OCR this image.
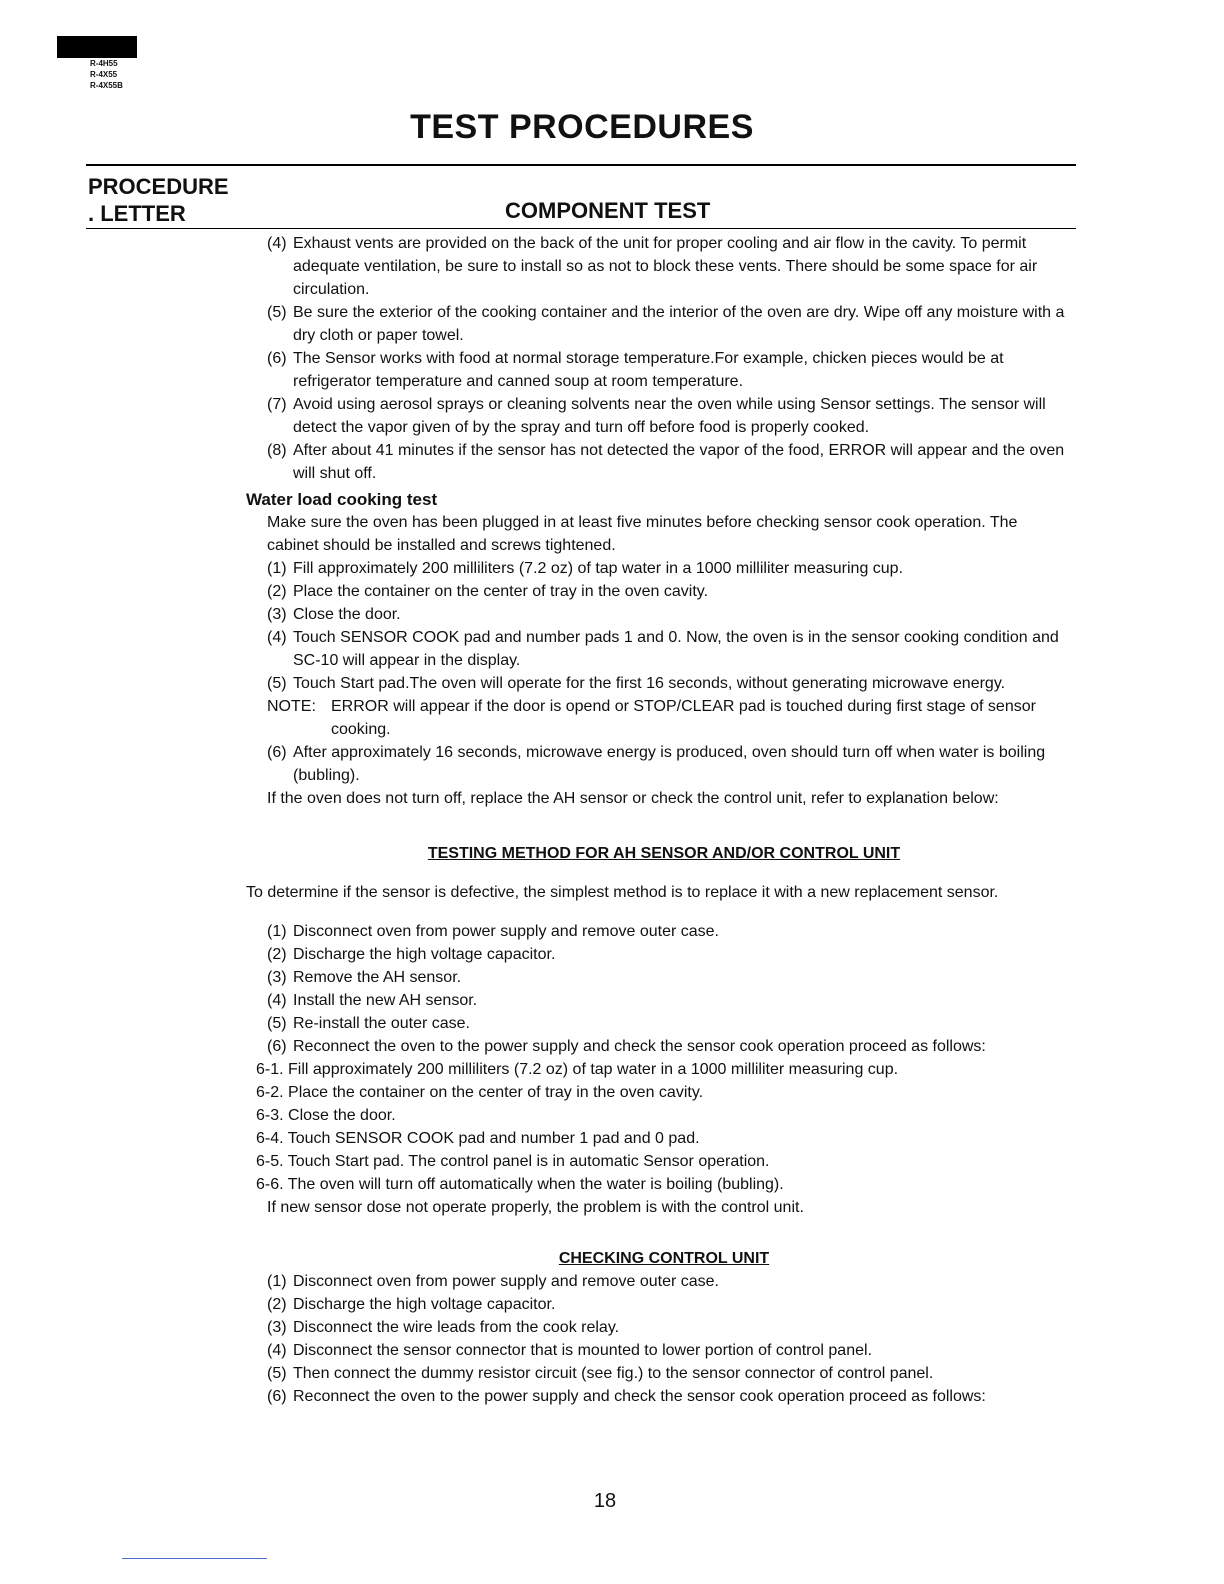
R-4H55
R-4X55
R-4X55B
TEST PROCEDURES
PROCEDURE
. LETTER	COMPONENT TEST

(4) Exhaust vents are provided on the back of the unit for proper cooling and air flow in the cavity. To permit adequate ventilation, be sure to install so as not to block these vents. There should be some space for air circulation.

(5) Be sure the exterior of the cooking container and the interior of the oven are dry. Wipe off any moisture with a dry cloth or paper towel.

(6) The Sensor works with food at normal storage temperature.For example, chicken pieces would be at refrigerator temperature and canned soup at room temperature.

(7) Avoid using aerosol sprays or cleaning solvents near the oven while using Sensor settings. The sensor will detect the vapor given of by the spray and turn off before food is properly cooked.

(8) After about 41 minutes if the sensor has not detected the vapor of the food, ERROR will appear and the oven will shut off.

Water load cooking test

Make sure the oven has been plugged in at least five minutes before checking sensor cook operation. The cabinet should be installed and screws tightened.

(1) Fill approximately 200 milliliters (7.2 oz) of tap water in a 1000 milliliter measuring cup.

(2) Place the container on the center of tray in the oven cavity.

(3) Close the door.

(4) Touch SENSOR COOK pad and number pads 1 and 0. Now, the oven is in the sensor cooking condition and SC-10 will appear in the display.

(5) Touch Start pad.The oven will operate for the first 16 seconds, without generating microwave energy.

NOTE: ERROR will appear if the door is opend or STOP/CLEAR pad is touched during first stage of sensor cooking.

(6) After approximately 16 seconds, microwave energy is produced, oven should turn off when water is boiling (bubling).

If the oven does not turn off, replace the AH sensor or check the control unit, refer to explanation below:

TESTING METHOD FOR AH SENSOR AND/OR CONTROL UNIT

To determine if the sensor is defective, the simplest method is to replace it with a new replacement sensor.

(1) Disconnect oven from power supply and remove outer case.

(2) Discharge the high voltage capacitor.

(3) Remove the AH sensor.

(4) Install the new AH sensor.

(5) Re-install the outer case.

(6) Reconnect the oven to the power supply and check the sensor cook operation proceed as follows:

6-1. Fill approximately 200 milliliters (7.2 oz) of tap water in a 1000 milliliter measuring cup.

6-2. Place the container on the center of tray in the oven cavity.

6-3. Close the door.

6-4. Touch SENSOR COOK pad and number 1 pad and 0 pad.

6-5. Touch Start pad. The control panel is in automatic Sensor operation.

6-6. The oven will turn off automatically when the water is boiling (bubling).

If new sensor dose not operate properly, the problem is with the control unit.

CHECKING CONTROL UNIT

(1) Disconnect oven from power supply and remove outer case.

(2) Discharge the high voltage capacitor.

(3) Disconnect the wire leads from the cook relay.

(4) Disconnect the sensor connector that is mounted to lower portion of control panel.

(5) Then connect the dummy resistor circuit (see fig.) to the sensor connector of control panel.

(6) Reconnect the oven to the power supply and check the sensor cook operation proceed as follows:

18
